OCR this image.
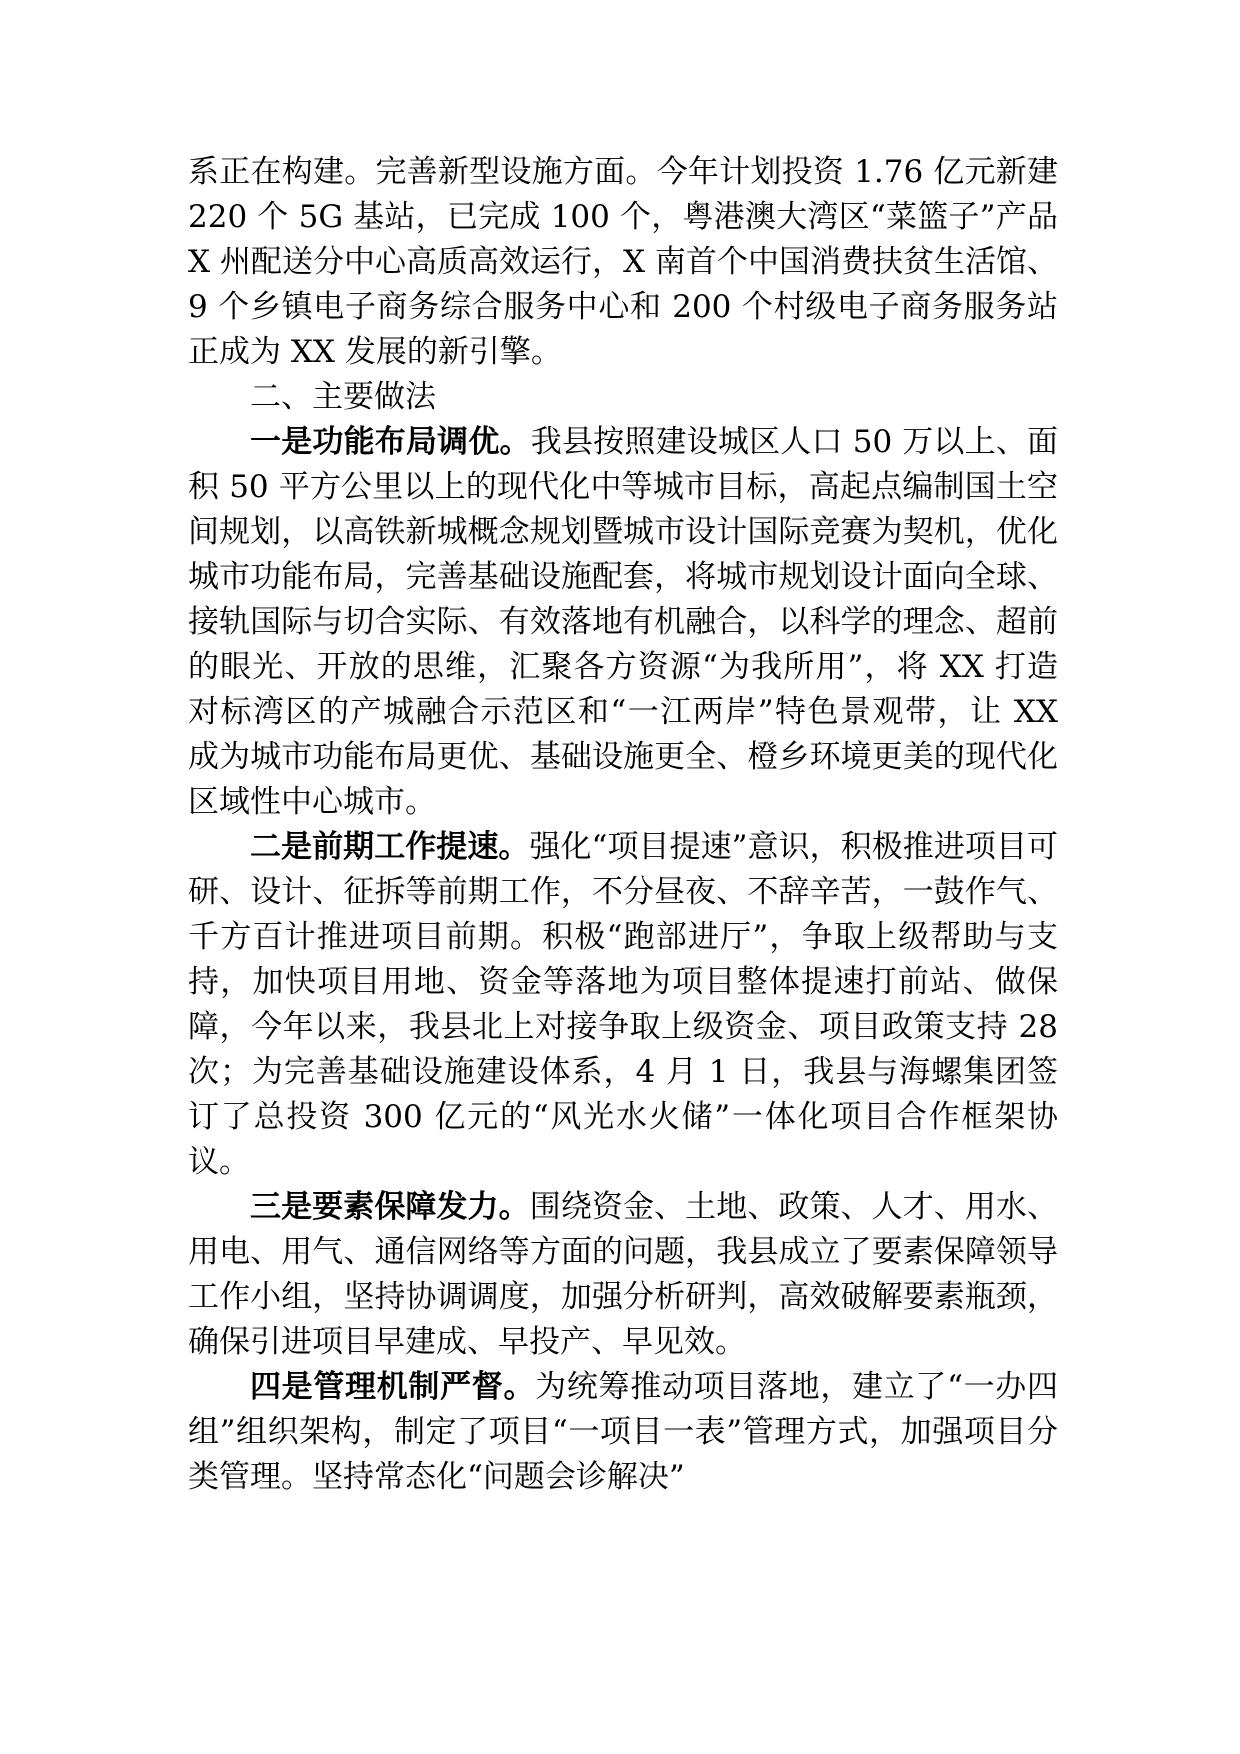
系正在构建。完善新型设施方面。今年计划投资 1.76 亿元新建 220 个 5G 基站，已完成 100 个，粤港澳大湾区“菜篮子”产品 X 州配送分中心高质高效运行，X 南首个中国消费扶贫生活馆、9 个乡镇电子商务综合服务中心和 200 个村级电子商务服务站正成为 XX 发展的新引擎。

二、主要做法

一是功能布局调优。我县按照建设城区人口 50 万以上、面积 50 平方公里以上的现代化中等城市目标，高起点编制国土空间规划，以高铁新城概念规划暨城市设计国际竞赛为契机，优化城市功能布局，完善基础设施配套，将城市规划设计面向全球、接轨国际与切合实际、有效落地有机融合，以科学的理念、超前的眼光、开放的思维，汇聚各方资源“为我所用”，将 XX 打造对标湾区的产城融合示范区和“一江两岸”特色景观带，让 XX 成为城市功能布局更优、基础设施更全、橙乡环境更美的现代化区域性中心城市。

二是前期工作提速。强化“项目提速”意识，积极推进项目可研、设计、征拆等前期工作，不分昼夜、不辞辛苦，一鼓作气、千方百计推进项目前期。积极“跑部进厅”，争取上级帮助与支持，加快项目用地、资金等落地为项目整体提速打前站、做保障，今年以来，我县北上对接争取上级资金、项目政策支持 28 次；为完善基础设施建设体系，4 月 1 日，我县与海螺集团签订了总投资 300 亿元的“风光水火储”一体化项目合作框架协议。

三是要素保障发力。围绕资金、土地、政策、人才、用水、用电、用气、通信网络等方面的问题，我县成立了要素保障领导工作小组，坚持协调调度，加强分析研判，高效破解要素瓶颈，确保引进项目早建成、早投产、早见效。

四是管理机制严督。为统筹推动项目落地，建立了“一办四组”组织架构，制定了项目“一项目一表”管理方式，加强项目分类管理。坚持常态化“问题会诊解决”
